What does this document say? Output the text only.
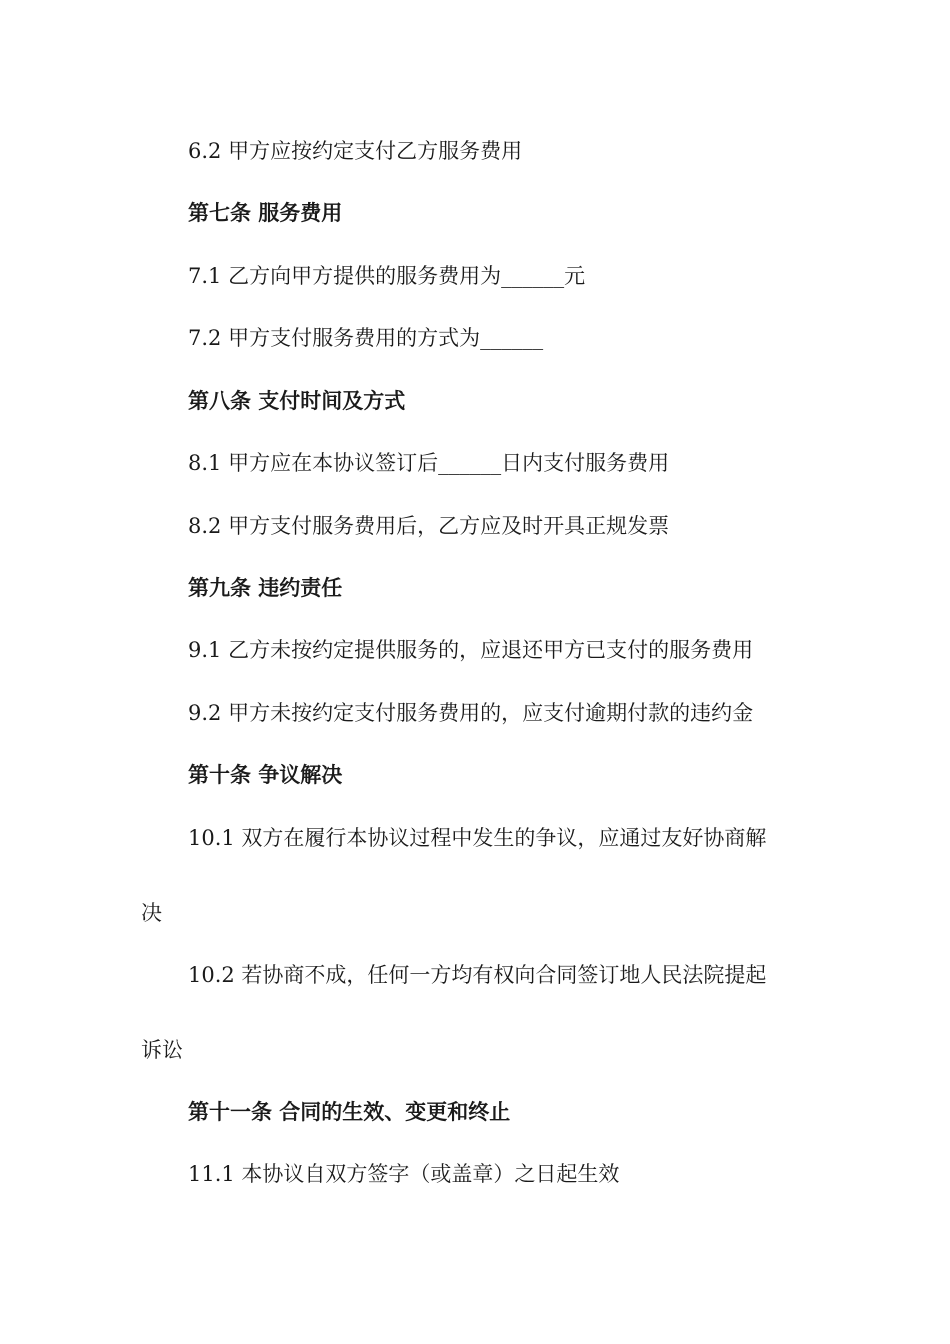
6.2 甲方应按约定支付乙方服务费用
第七条 服务费用
7.1 乙方向甲方提供的服务费用为______元
7.2 甲方支付服务费用的方式为______
第八条 支付时间及方式
8.1 甲方应在本协议签订后______日内支付服务费用
8.2 甲方支付服务费用后，乙方应及时开具正规发票
第九条 违约责任
9.1 乙方未按约定提供服务的，应退还甲方已支付的服务费用
9.2 甲方未按约定支付服务费用的，应支付逾期付款的违约金
第十条 争议解决
10.1 双方在履行本协议过程中发生的争议，应通过友好协商解
决
10.2 若协商不成，任何一方均有权向合同签订地人民法院提起
诉讼
第十一条 合同的生效、变更和终止
11.1 本协议自双方签字（或盖章）之日起生效
